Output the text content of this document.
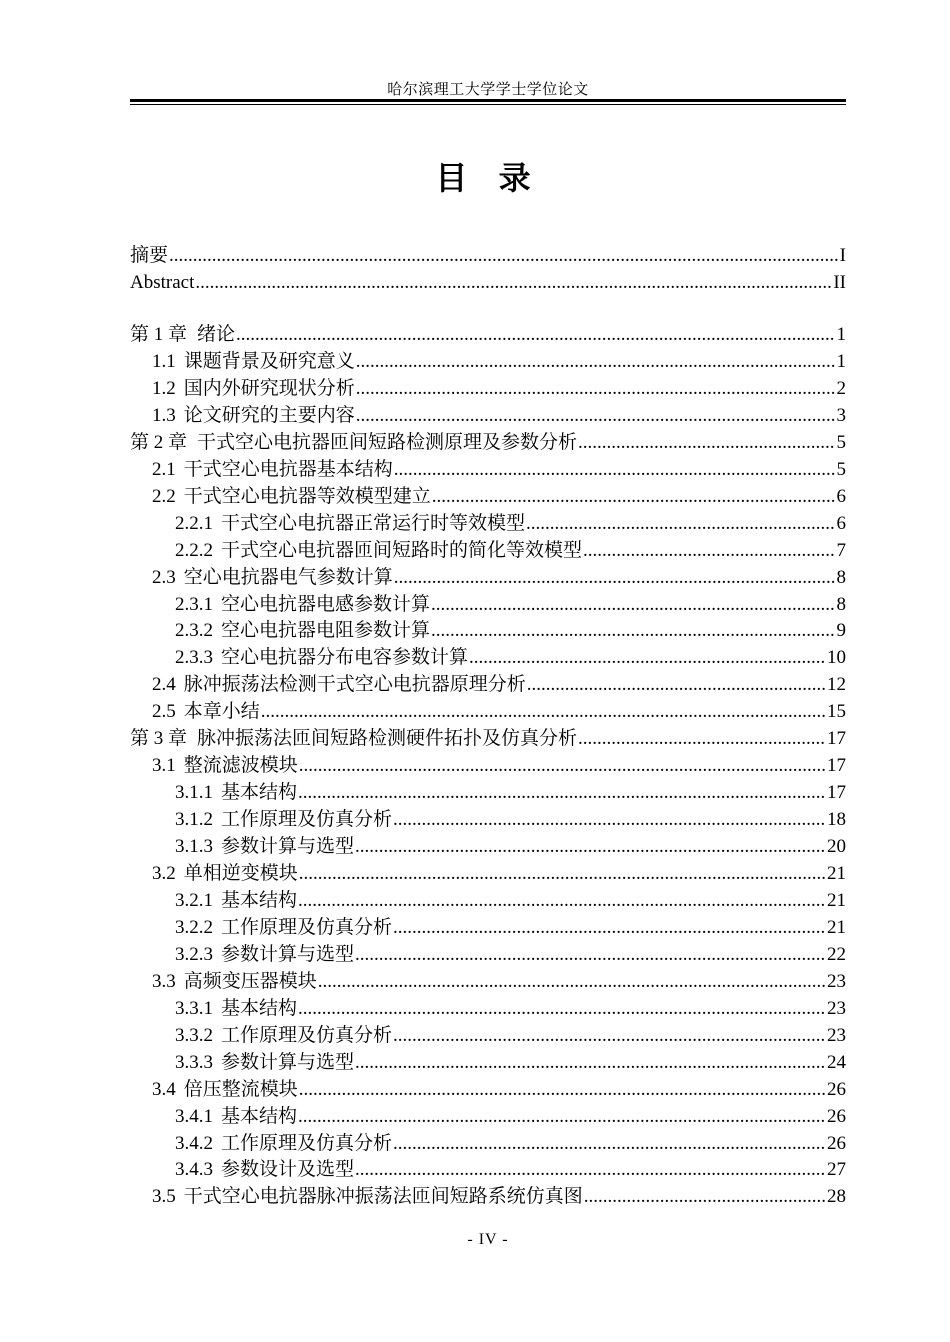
哈尔滨理工大学学士学位论文
目 录
摘要 .....	I
Abstract .....	II
第 1 章 绪论 .....	1
1.1 课题背景及研究意义 .....	1
1.2 国内外研究现状分析 .....	2
1.3 论文研究的主要内容 .....	3
第 2 章 干式空心电抗器匝间短路检测原理及参数分析 .....	5
2.1 干式空心电抗器基本结构 .....	5
2.2 干式空心电抗器等效模型建立 .....	6
2.2.1 干式空心电抗器正常运行时等效模型 .....	6
2.2.2 干式空心电抗器匝间短路时的简化等效模型 .....	7
2.3 空心电抗器电气参数计算 .....	8
2.3.1 空心电抗器电感参数计算 .....	8
2.3.2 空心电抗器电阻参数计算 .....	9
2.3.3 空心电抗器分布电容参数计算 .....	10
2.4 脉冲振荡法检测干式空心电抗器原理分析 .....	12
2.5 本章小结 .....	15
第 3 章 脉冲振荡法匝间短路检测硬件拓扑及仿真分析 .....	17
3.1 整流滤波模块 .....	17
3.1.1 基本结构 .....	17
3.1.2 工作原理及仿真分析 .....	18
3.1.3 参数计算与选型 .....	20
3.2 单相逆变模块 .....	21
3.2.1 基本结构 .....	21
3.2.2 工作原理及仿真分析 .....	21
3.2.3 参数计算与选型 .....	22
3.3 高频变压器模块 .....	23
3.3.1 基本结构 .....	23
3.3.2 工作原理及仿真分析 .....	23
3.3.3 参数计算与选型 .....	24
3.4 倍压整流模块 .....	26
3.4.1 基本结构 .....	26
3.4.2 工作原理及仿真分析 .....	26
3.4.3 参数设计及选型 .....	27
3.5 干式空心电抗器脉冲振荡法匝间短路系统仿真图 .....	28
- IV -
